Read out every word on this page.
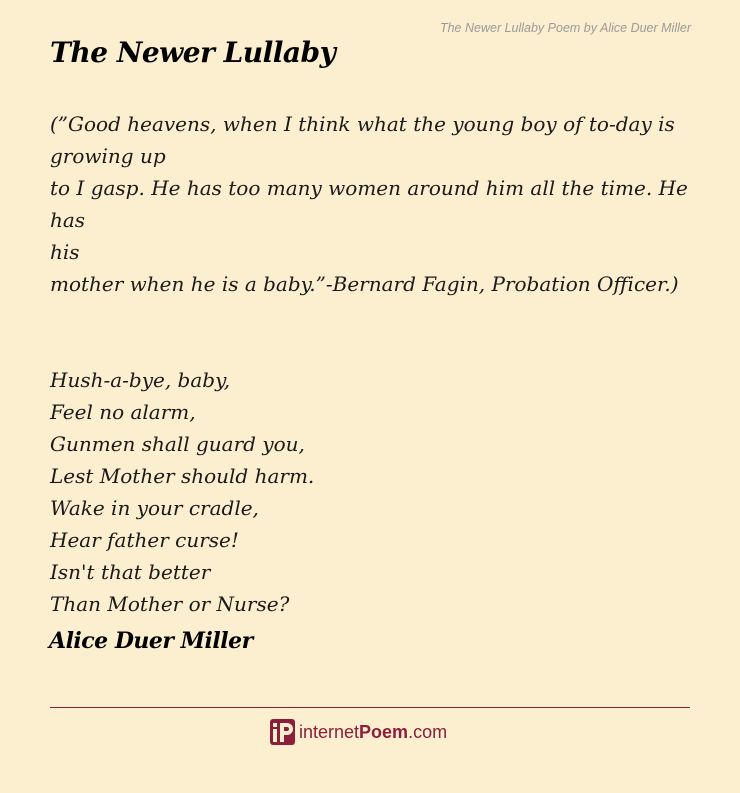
The Newer Lullaby Poem by Alice Duer Miller
The Newer Lullaby
(”Good heavens, when I think what the young boy of to-day is
growing up
to I gasp. He has too many women around him all the time. He has
his
mother when he is a baby.”-Bernard Fagin, Probation Officer.)
Hush-a-bye, baby,
Feel no alarm,
Gunmen shall guard you,
Lest Mother should harm.
Wake in your cradle,
Hear father curse!
Isn't that better
Than Mother or Nurse?
Alice Duer Miller
internet Poem .com
